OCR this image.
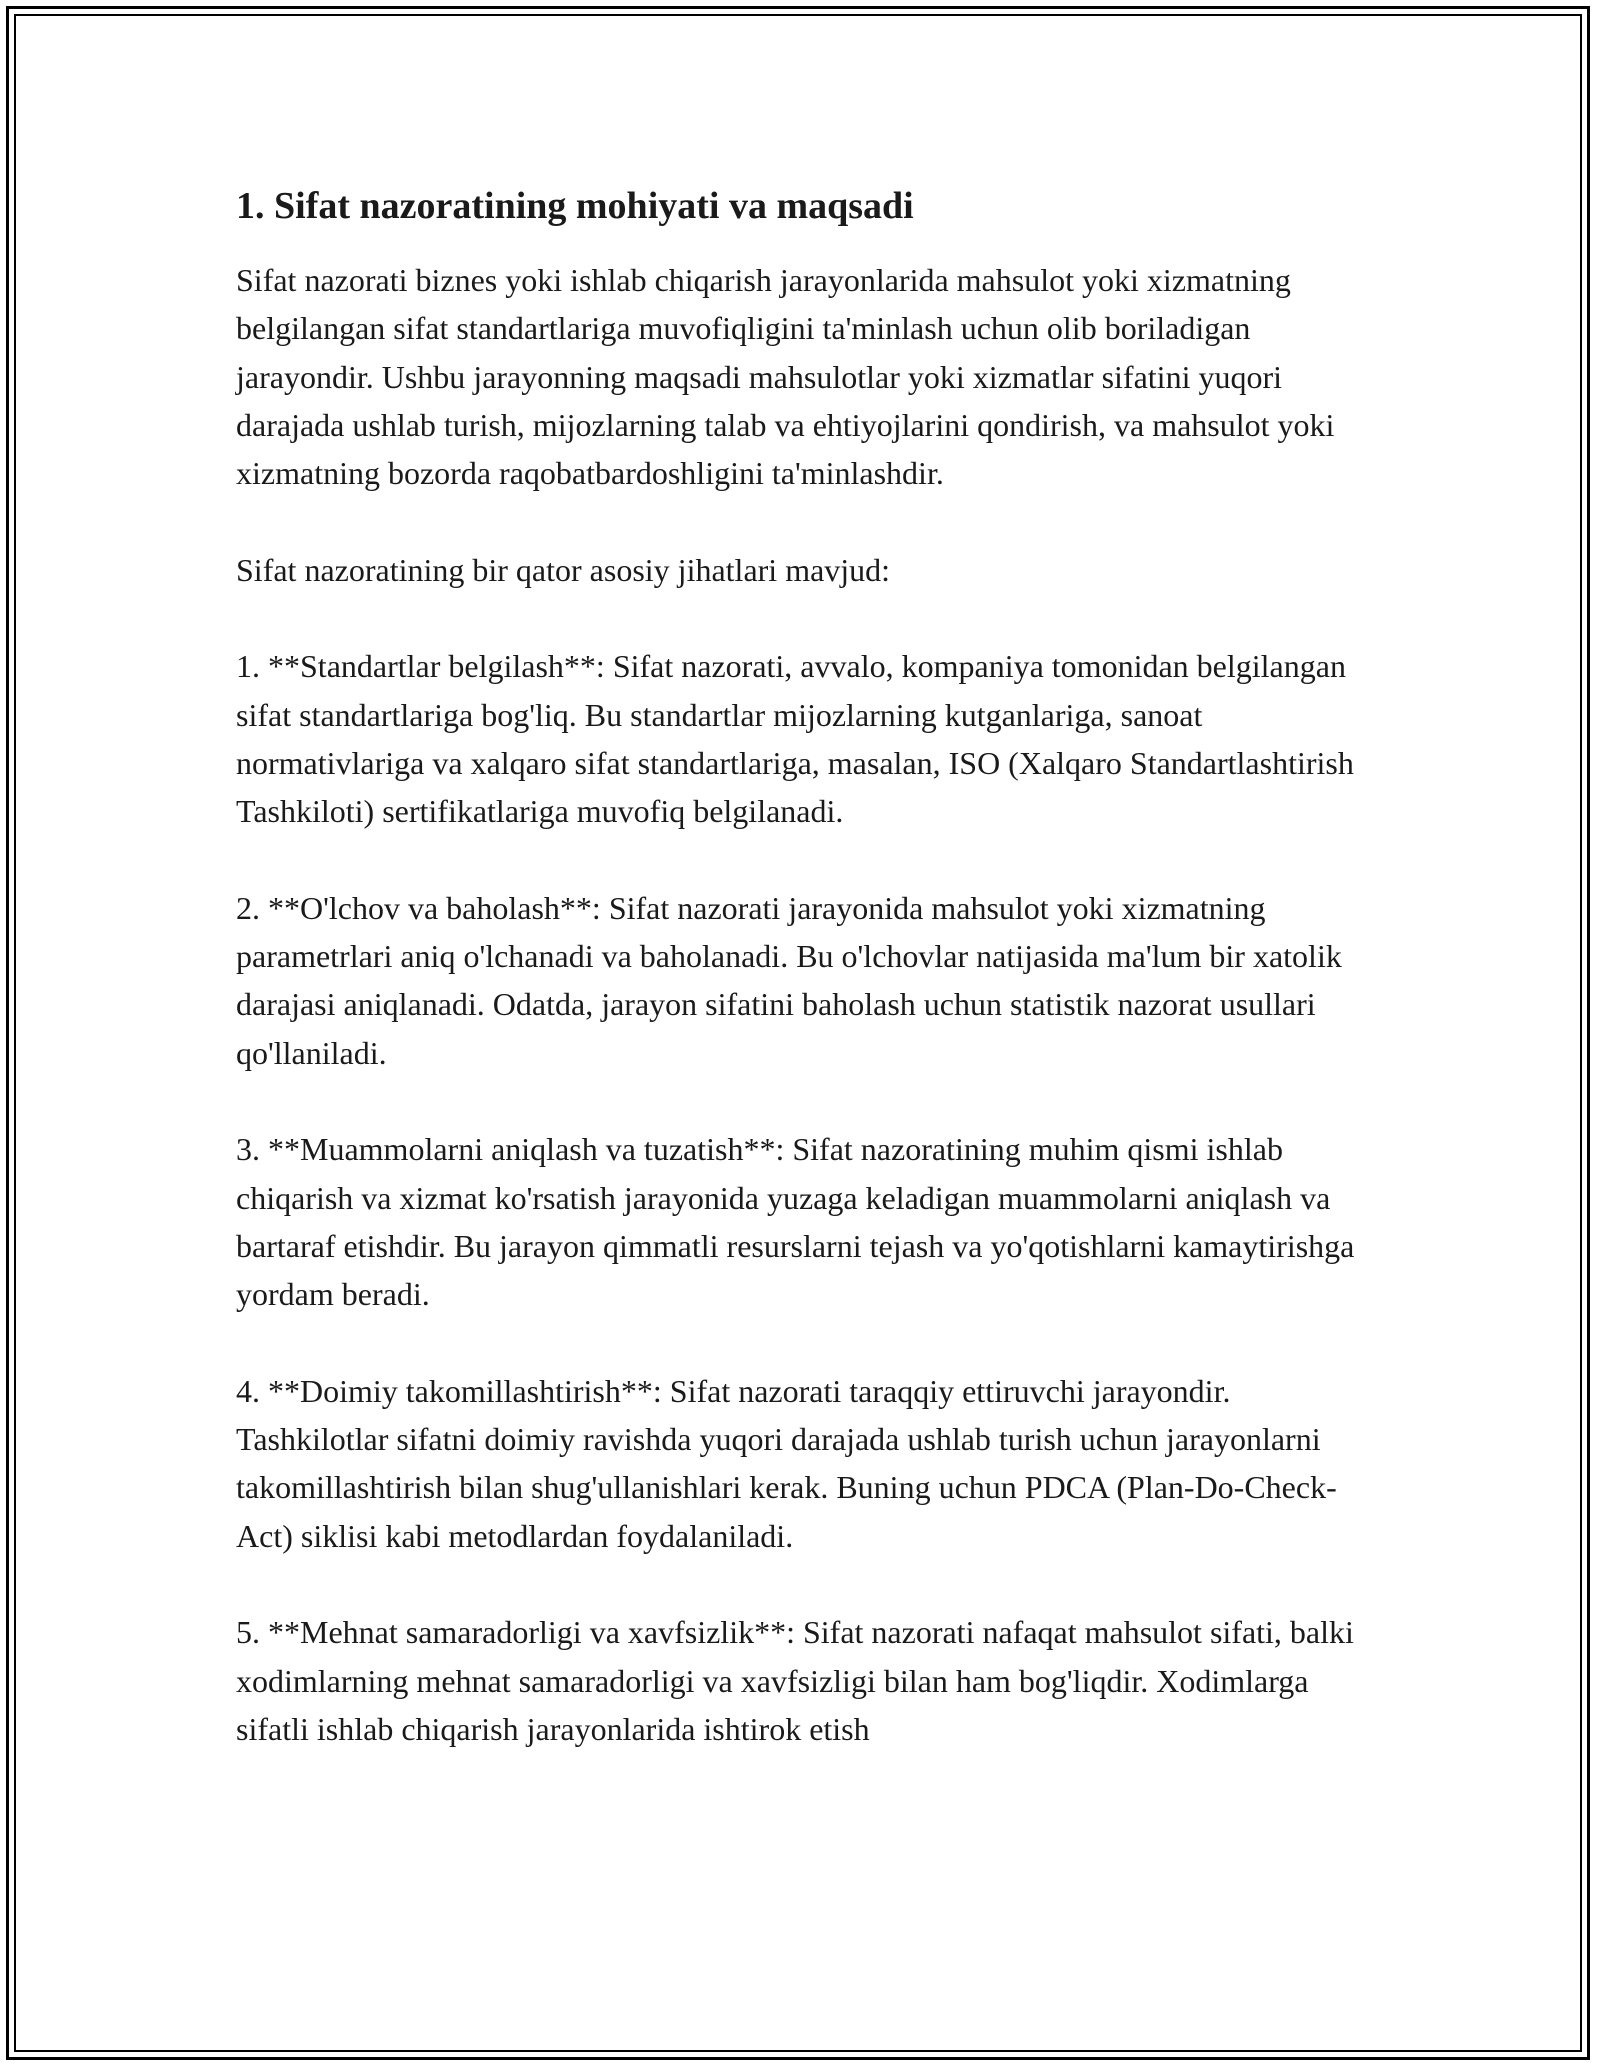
1. Sifat nazoratining mohiyati va maqsadi

Sifat nazorati biznes yoki ishlab chiqarish jarayonlarida mahsulot yoki xizmatning belgilangan sifat standartlariga muvofiqligini ta'minlash uchun olib boriladigan jarayondir. Ushbu jarayonning maqsadi mahsulotlar yoki xizmatlar sifatini yuqori darajada ushlab turish, mijozlarning talab va ehtiyojlarini qondirish, va mahsulot yoki xizmatning bozorda raqobatbardoshligini ta'minlashdir.

Sifat nazoratining bir qator asosiy jihatlari mavjud:

1. **Standartlar belgilash**: Sifat nazorati, avvalo, kompaniya tomonidan belgilangan sifat standartlariga bog'liq. Bu standartlar mijozlarning kutganlariga, sanoat normativlariga va xalqaro sifat standartlariga, masalan, ISO (Xalqaro Standartlashtirish Tashkiloti) sertifikatlariga muvofiq belgilanadi.

2. **O'lchov va baholash**: Sifat nazorati jarayonida mahsulot yoki xizmatning parametrlari aniq o'lchanadi va baholanadi. Bu o'lchovlar natijasida ma'lum bir xatolik darajasi aniqlanadi. Odatda, jarayon sifatini baholash uchun statistik nazorat usullari qo'llaniladi.

3. **Muammolarni aniqlash va tuzatish**: Sifat nazoratining muhim qismi ishlab chiqarish va xizmat ko'rsatish jarayonida yuzaga keladigan muammolarni aniqlash va bartaraf etishdir. Bu jarayon qimmatli resurslarni tejash va yo'qotishlarni kamaytirishga yordam beradi.

4. **Doimiy takomillashtirish**: Sifat nazorati taraqqiy ettiruvchi jarayondir. Tashkilotlar sifatni doimiy ravishda yuqori darajada ushlab turish uchun jarayonlarni takomillashtirish bilan shug'ullanishlari kerak. Buning uchun PDCA (Plan-Do-Check-Act) siklisi kabi metodlardan foydalaniladi.

5. **Mehnat samaradorligi va xavfsizlik**: Sifat nazorati nafaqat mahsulot sifati, balki xodimlarning mehnat samaradorligi va xavfsizligi bilan ham bog'liqdir. Xodimlarga sifatli ishlab chiqarish jarayonlarida ishtirok etish
